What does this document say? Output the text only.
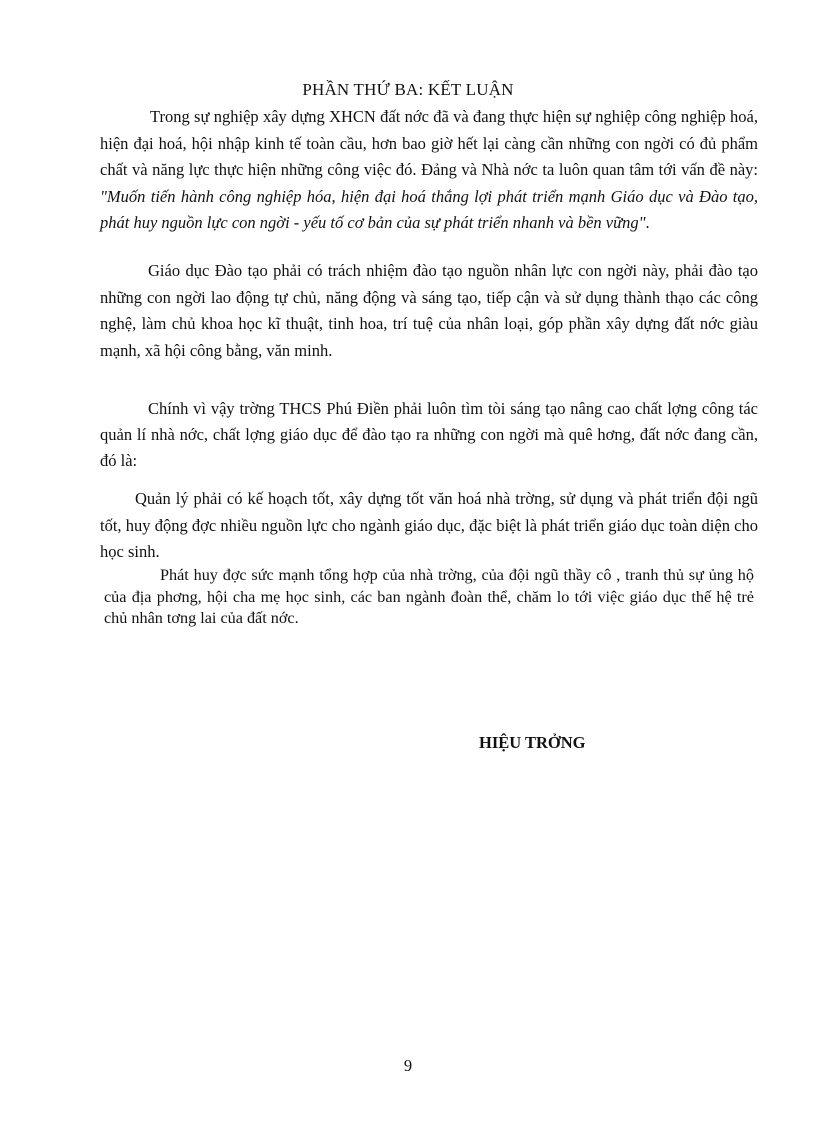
PHẦN THỨ BA: KẾT LUẬN

Trong sự nghiệp xây dựng XHCN đất nớc đã và đang thực hiện sự nghiệp công nghiệp hoá, hiện đại hoá, hội nhập kinh tế toàn cầu, hơn bao giờ hết lại càng cần những con ngời có đủ phẩm chất và năng lực thực hiện những công việc đó. Đảng và Nhà nớc ta luôn quan tâm tới vấn đề này: "Muốn tiến hành công nghiệp hóa, hiện đại hoá thắng lợi phát triển mạnh Giáo dục và Đào tạo, phát huy nguồn lực con ngời - yếu tố cơ bản của sự phát triển nhanh và bền vững".

Giáo dục Đào tạo phải có trách nhiệm đào tạo nguồn nhân lực con ngời này, phải đào tạo những con ngời lao động tự chủ, năng động và sáng tạo, tiếp cận và sử dụng thành thạo các công nghệ, làm chủ khoa học kĩ thuật, tinh hoa, trí tuệ của nhân loại, góp phần xây dựng đất nớc giàu mạnh, xã hội công bằng, văn minh.

Chính vì vậy trờng THCS Phú Điền phải luôn tìm tòi sáng tạo nâng cao chất lợng công tác quản lí nhà nớc, chất lợng giáo dục để đào tạo ra những con ngời mà quê hơng, đất nớc đang cần, đó là:

Quản lý phải có kế hoạch tốt, xây dựng tốt văn hoá nhà trờng, sử dụng và phát triển đội ngũ tốt, huy động đợc nhiều nguồn lực cho ngành giáo dục, đặc biệt là phát triển giáo dục toàn diện cho học sinh.

Phát huy đợc sức mạnh tổng hợp của nhà trờng, của đội ngũ thầy cô , tranh thủ sự ủng hộ của địa phơng, hội cha mẹ học sinh, các ban ngành đoàn thể, chăm lo tới việc giáo dục thế hệ trẻ chủ nhân tơng lai của đất nớc.

HIỆU TRỞNG
9
